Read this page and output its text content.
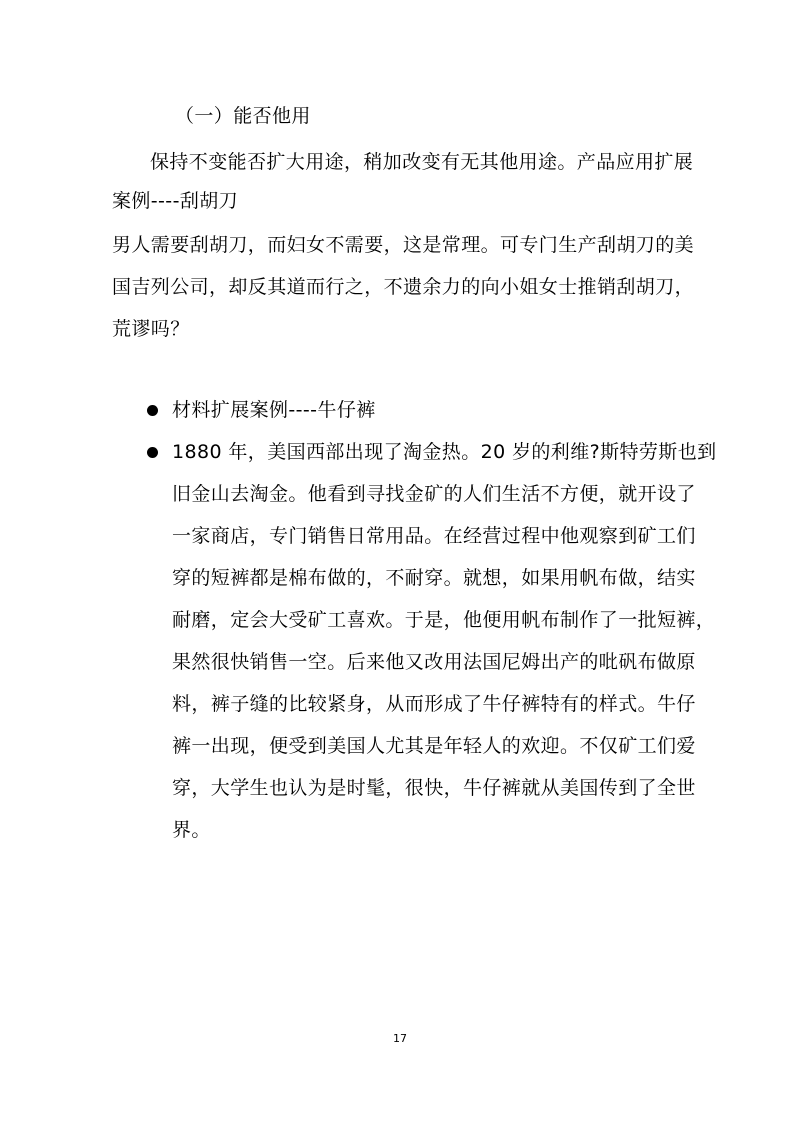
（一）能否他用
保持不变能否扩大用途，稍加改变有无其他用途。产品应用扩展
案例----刮胡刀
男人需要刮胡刀，而妇女不需要，这是常理。可专门生产刮胡刀的美
国吉列公司，却反其道而行之，不遗余力的向小姐女士推销刮胡刀，
荒谬吗？
材料扩展案例----牛仔裤
1880 年，美国西部出现了淘金热。20 岁的利维?斯特劳斯也到
旧金山去淘金。他看到寻找金矿的人们生活不方便，就开设了
一家商店，专门销售日常用品。在经营过程中他观察到矿工们
穿的短裤都是棉布做的，不耐穿。就想，如果用帆布做，结实
耐磨，定会大受矿工喜欢。于是，他便用帆布制作了一批短裤，
果然很快销售一空。后来他又改用法国尼姆出产的吡矾布做原
料，裤子缝的比较紧身，从而形成了牛仔裤特有的样式。牛仔
裤一出现，便受到美国人尤其是年轻人的欢迎。不仅矿工们爱
穿，大学生也认为是时髦，很快，牛仔裤就从美国传到了全世
界。
17
